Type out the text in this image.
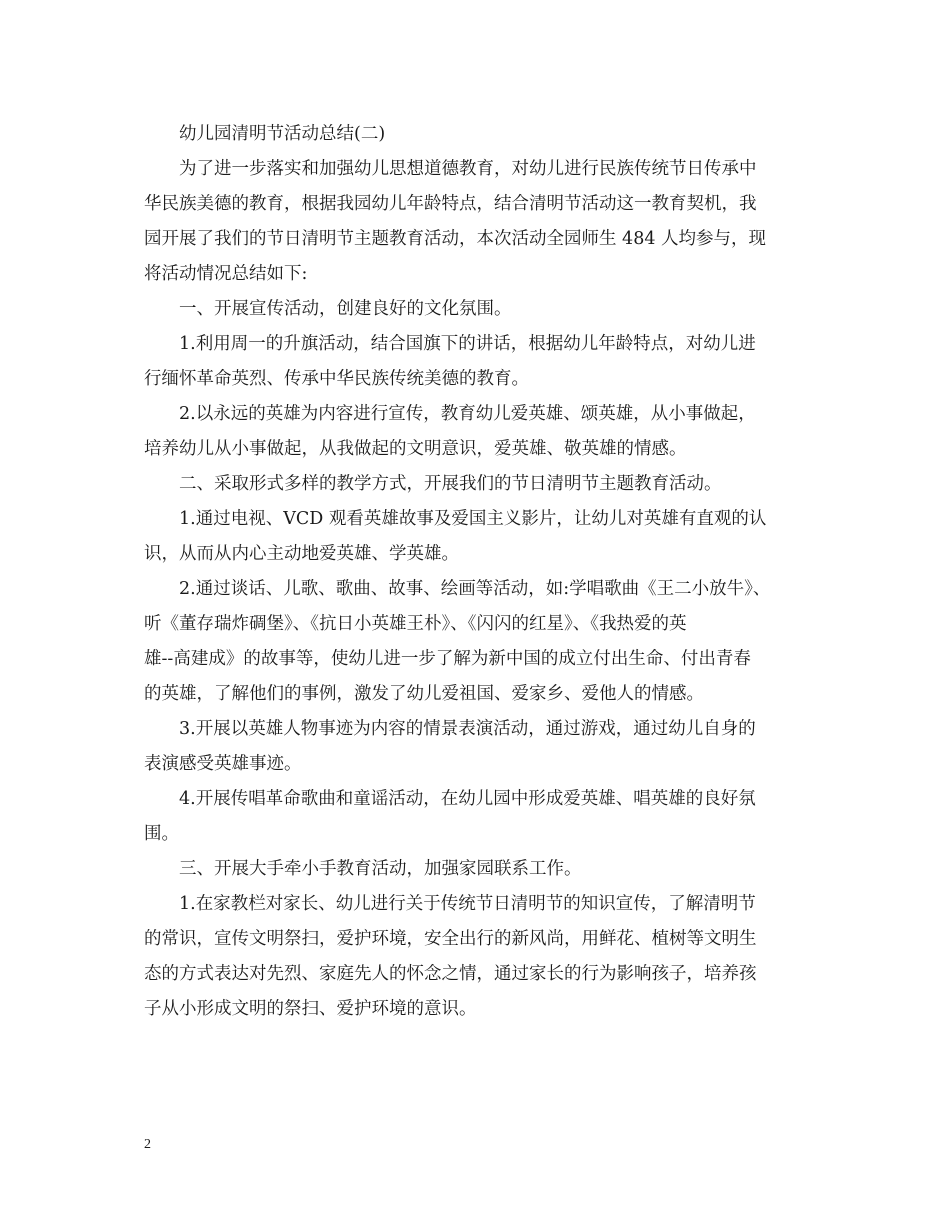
幼儿园清明节活动总结(二)
为了进一步落实和加强幼儿思想道德教育，对幼儿进行民族传统节日传承中
华民族美德的教育，根据我园幼儿年龄特点，结合清明节活动这一教育契机，我
园开展了我们的节日清明节主题教育活动，本次活动全园师生 484 人均参与，现
将活动情况总结如下:
一、开展宣传活动，创建良好的文化氛围。
1.利用周一的升旗活动，结合国旗下的讲话，根据幼儿年龄特点，对幼儿进
行缅怀革命英烈、传承中华民族传统美德的教育。
2.以永远的英雄为内容进行宣传，教育幼儿爱英雄、颂英雄，从小事做起，
培养幼儿从小事做起，从我做起的文明意识，爱英雄、敬英雄的情感。
二、采取形式多样的教学方式，开展我们的节日清明节主题教育活动。
1.通过电视、VCD 观看英雄故事及爱国主义影片，让幼儿对英雄有直观的认
识，从而从内心主动地爱英雄、学英雄。
2.通过谈话、儿歌、歌曲、故事、绘画等活动，如:学唱歌曲《王二小放牛》、
听《董存瑞炸碉堡》、《抗日小英雄王朴》、《闪闪的红星》、《我热爱的英
雄--高建成》的故事等，使幼儿进一步了解为新中国的成立付出生命、付出青春
的英雄，了解他们的事例，激发了幼儿爱祖国、爱家乡、爱他人的情感。
3.开展以英雄人物事迹为内容的情景表演活动，通过游戏，通过幼儿自身的
表演感受英雄事迹。
4.开展传唱革命歌曲和童谣活动，在幼儿园中形成爱英雄、唱英雄的良好氛
围。
三、开展大手牵小手教育活动，加强家园联系工作。
1.在家教栏对家长、幼儿进行关于传统节日清明节的知识宣传，了解清明节
的常识，宣传文明祭扫，爱护环境，安全出行的新风尚，用鲜花、植树等文明生
态的方式表达对先烈、家庭先人的怀念之情，通过家长的行为影响孩子，培养孩
子从小形成文明的祭扫、爱护环境的意识。
2
